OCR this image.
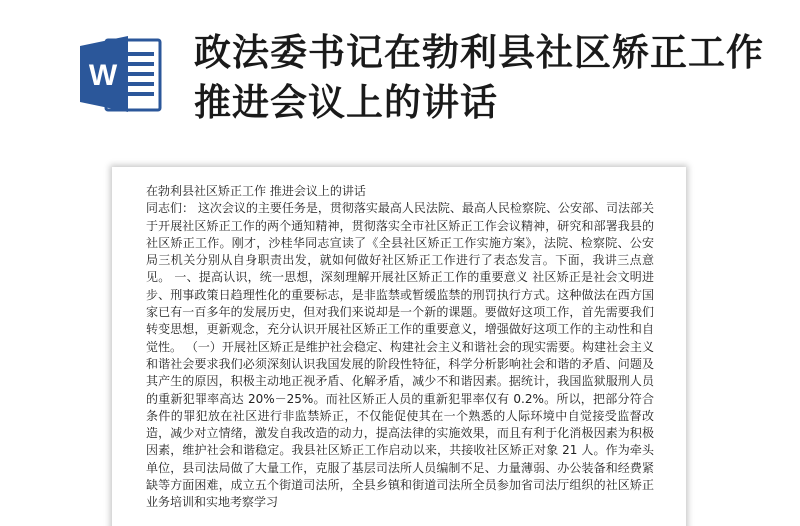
W
政法委书记在勃利县社区矫正工作推进会议上的讲话

在勃利县社区矫正工作 推进会议上的讲话

同志们： 这次会议的主要任务是，贯彻落实最高人民法院、最高人民检察院、公安部、司法部关于开展社区矫正工作的两个通知精神，贯彻落实全市社区矫正工作会议精神，研究和部署我县的社区矫正工作。刚才，沙桂华同志宣读了《全县社区矫正工作实施方案》，法院、检察院、公安局三机关分别从自身职责出发，就如何做好社区矫正工作进行了表态发言。下面，我讲三点意见。 一、提高认识，统一思想，深刻理解开展社区矫正工作的重要意义 社区矫正是社会文明进步、刑事政策日趋理性化的重要标志，是非监禁或暂缓监禁的刑罚执行方式。这种做法在西方国家已有一百多年的发展历史，但对我们来说却是一个新的课题。要做好这项工作，首先需要我们转变思想，更新观念，充分认识开展社区矫正工作的重要意义，增强做好这项工作的主动性和自觉性。 （一）开展社区矫正是维护社会稳定、构建社会主义和谐社会的现实需要。构建社会主义和谐社会要求我们必须深刻认识我国发展的阶段性特征，科学分析影响社会和谐的矛盾、问题及其产生的原因，积极主动地正视矛盾、化解矛盾，减少不和谐因素。据统计，我国监狱服刑人员的重新犯罪率高达 20%－25%。而社区矫正人员的重新犯罪率仅有 0.2%。所以，把部分符合条件的罪犯放在社区进行非监禁矫正，不仅能促使其在一个熟悉的人际环境中自觉接受监督改造，减少对立情绪，激发自我改造的动力，提高法律的实施效果，而且有利于化消极因素为积极因素，维护社会和谐稳定。我县社区矫正工作启动以来，共接收社区矫正对象 21 人。作为牵头单位，县司法局做了大量工作，克服了基层司法所人员编制不足、力量薄弱、办公装备和经费紧缺等方面困难，成立五个街道司法所，全县乡镇和街道司法所全员参加省司法厅组织的社区矫正业务培训和实地考察学习
